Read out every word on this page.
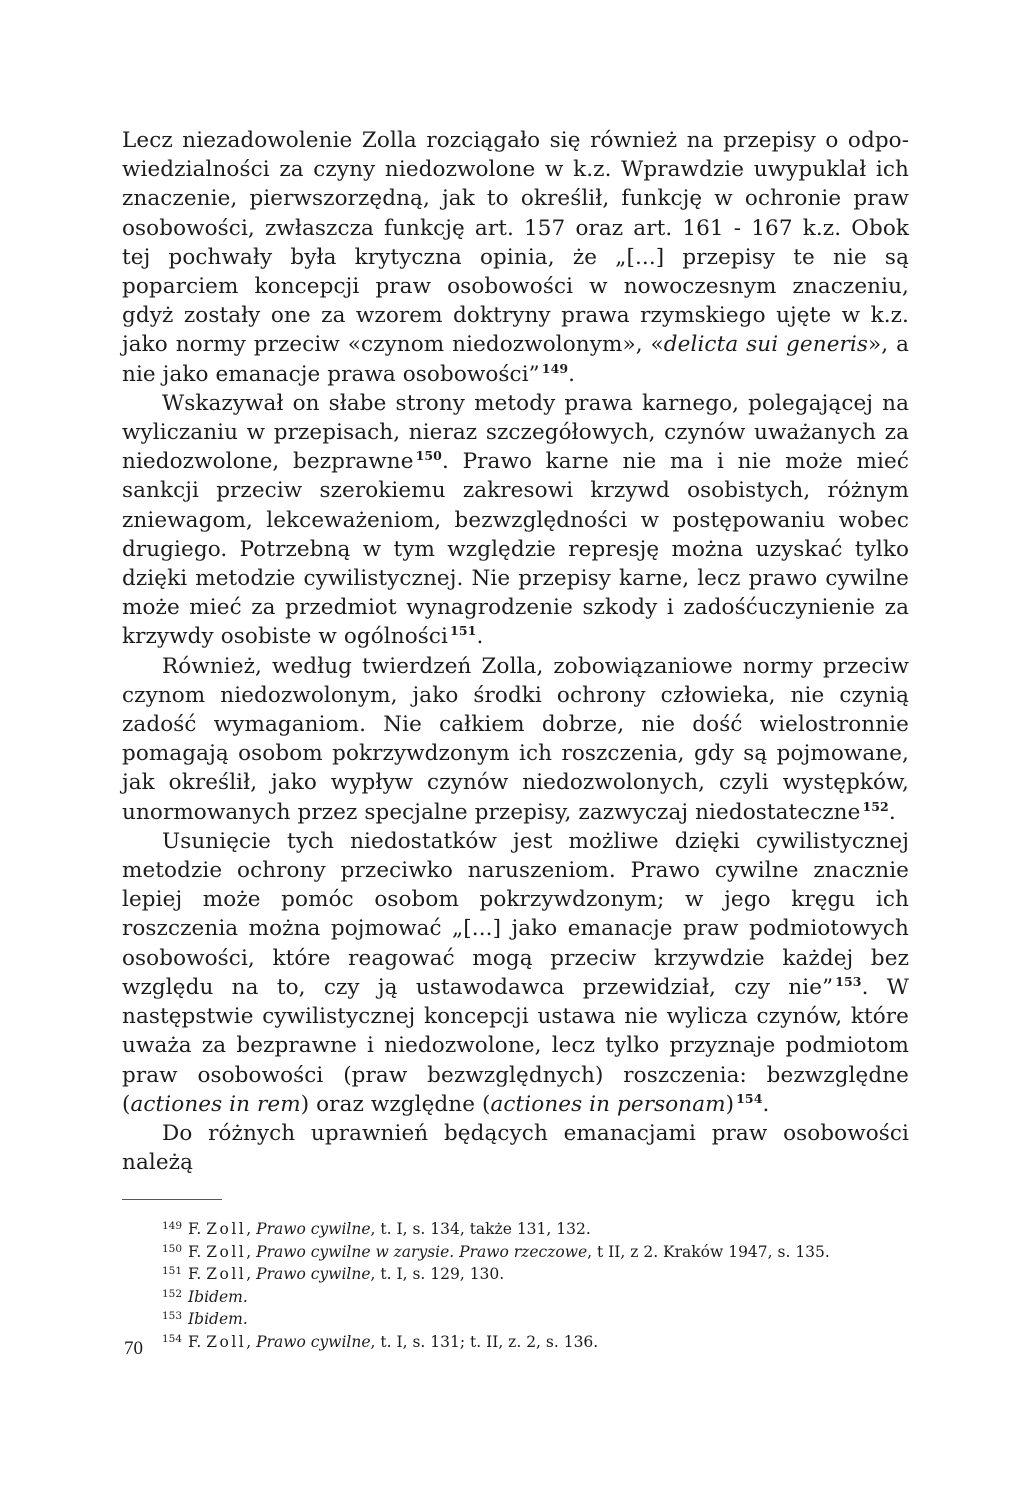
Lecz niezadowolenie Zolla rozciągało się również na przepisy o odpowiedzialności za czyny niedozwolone w k.z. Wprawdzie uwypuklał ich znaczenie, pierwszorzędną, jak to określił, funkcję w ochronie praw osobowości, zwłaszcza funkcję art. 157 oraz art. 161 - 167 k.z. Obok tej pochwały była krytyczna opinia, że „[...] przepisy te nie są poparciem koncepcji praw osobowości w nowoczesnym znaczeniu, gdyż zostały one za wzorem doktryny prawa rzymskiego ujęte w k.z. jako normy przeciw «czynom niedozwolonym», «delicta sui generis», a nie jako emanacje prawa osobowości” $^{149}$.

Wskazywał on słabe strony metody prawa karnego, polegającej na wyliczaniu w przepisach, nieraz szczegółowych, czynów uważanych za niedozwolone, bezprawne $^{150}$. Prawo karne nie ma i nie może mieć sankcji przeciw szerokiemu zakresowi krzywd osobistych, różnym zniewagom, lekceważeniom, bezwzględności w postępowaniu wobec drugiego. Potrzebną w tym względzie represję można uzyskać tylko dzięki metodzie cywilistycznej. Nie przepisy karne, lecz prawo cywilne może mieć za przedmiot wynagrodzenie szkody i zadośćuczynienie za krzywdy osobiste w ogólności $^{151}$.

Również, według twierdzeń Zolla, zobowiązaniowe normy przeciw czynom niedozwolonym, jako środki ochrony człowieka, nie czynią zadość wymaganiom. Nie całkiem dobrze, nie dość wielostronnie pomagają osobom pokrzywdzonym ich roszczenia, gdy są pojmowane, jak określił, jako wypływ czynów niedozwolonych, czyli występków, unormowanych przez specjalne przepisy, zazwyczaj niedostateczne $^{152}$.

Usunięcie tych niedostatków jest możliwe dzięki cywilistycznej metodzie ochrony przeciwko naruszeniom. Prawo cywilne znacznie lepiej może pomóc osobom pokrzywdzonym; w jego kręgu ich roszczenia można pojmować „[...] jako emanacje praw podmiotowych osobowości, które reagować mogą przeciw krzywdzie każdej bez względu na to, czy ją ustawodawca przewidział, czy nie” $^{153}$. W następstwie cywilistycznej koncepcji ustawa nie wylicza czynów, które uważa za bezprawne i niedozwolone, lecz tylko przyznaje podmiotom praw osobowości (praw bezwzględnych) roszczenia: bezwzględne (actiones in rem) oraz względne (actiones in personam) $^{154}$.

Do różnych uprawnień będących emanacjami praw osobowości należą

$^{149}$ F. Zoll, Prawo cywilne, t. I, s. 134, także 131, 132.

$^{150}$ F. Zoll, Prawo cywilne w zarysie. Prawo rzeczowe, t II, z 2. Kraków 1947, s. 135.

$^{151}$ F. Zoll, Prawo cywilne, t. I, s. 129, 130.

$^{152}$ Ibidem.

$^{153}$ Ibidem.

$^{154}$ F. Zoll, Prawo cywilne, t. I, s. 131; t. II, z. 2, s. 136.

70
